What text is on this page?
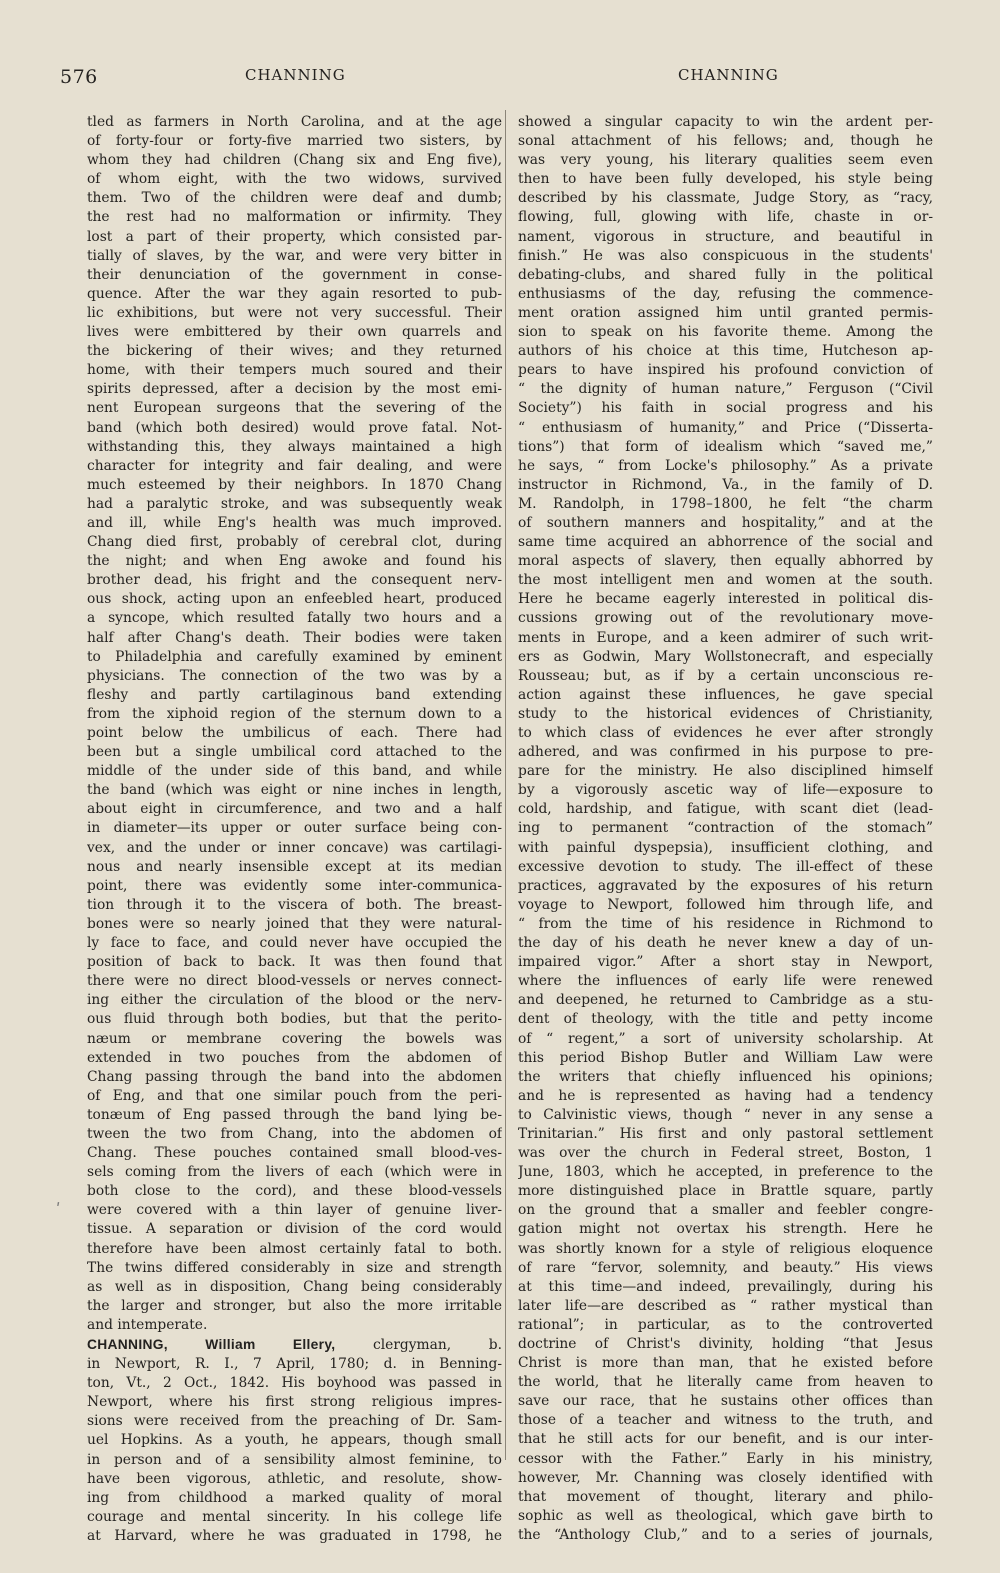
576	CHANNING	CHANNING
tled as farmers in North Carolina, and at the age
of forty-four or forty-five married two sisters, by
whom they had children (Chang six and Eng five),
of whom eight, with the two widows, survived
them. Two of the children were deaf and dumb;
the rest had no malformation or infirmity. They
lost a part of their property, which consisted par-
tially of slaves, by the war, and were very bitter in
their denunciation of the government in conse-
quence. After the war they again resorted to pub-
lic exhibitions, but were not very successful. Their
lives were embittered by their own quarrels and
the bickering of their wives; and they returned
home, with their tempers much soured and their
spirits depressed, after a decision by the most emi-
nent European surgeons that the severing of the
band (which both desired) would prove fatal. Not-
withstanding this, they always maintained a high
character for integrity and fair dealing, and were
much esteemed by their neighbors. In 1870 Chang
had a paralytic stroke, and was subsequently weak
and ill, while Eng's health was much improved.
Chang died first, probably of cerebral clot, during
the night; and when Eng awoke and found his
brother dead, his fright and the consequent nerv-
ous shock, acting upon an enfeebled heart, produced
a syncope, which resulted fatally two hours and a
half after Chang's death. Their bodies were taken
to Philadelphia and carefully examined by eminent
physicians. The connection of the two was by a
fleshy and partly cartilaginous band extending
from the xiphoid region of the sternum down to a
point below the umbilicus of each. There had
been but a single umbilical cord attached to the
middle of the under side of this band, and while
the band (which was eight or nine inches in length,
about eight in circumference, and two and a half
in diameter—its upper or outer surface being con-
vex, and the under or inner concave) was cartilagi-
nous and nearly insensible except at its median
point, there was evidently some inter-communica-
tion through it to the viscera of both. The breast-
bones were so nearly joined that they were natural-
ly face to face, and could never have occupied the
position of back to back. It was then found that
there were no direct blood-vessels or nerves connect-
ing either the circulation of the blood or the nerv-
ous fluid through both bodies, but that the perito-
næum or membrane covering the bowels was
extended in two pouches from the abdomen of
Chang passing through the band into the abdomen
of Eng, and that one similar pouch from the peri-
tonæum of Eng passed through the band lying be-
tween the two from Chang, into the abdomen of
Chang. These pouches contained small blood-ves-
sels coming from the livers of each (which were in
both close to the cord), and these blood-vessels
were covered with a thin layer of genuine liver-
tissue. A separation or division of the cord would
therefore have been almost certainly fatal to both.
The twins differed considerably in size and strength
as well as in disposition, Chang being considerably
the larger and stronger, but also the more irritable
and intemperate.
CHANNING, William Ellery, clergyman, b.
in Newport, R. I., 7 April, 1780; d. in Benning-
ton, Vt., 2 Oct., 1842. His boyhood was passed in
Newport, where his first strong religious impres-
sions were received from the preaching of Dr. Sam-
uel Hopkins. As a youth, he appears, though small
in person and of a sensibility almost feminine, to
have been vigorous, athletic, and resolute, show-
ing from childhood a marked quality of moral
courage and mental sincerity. In his college life
at Harvard, where he was graduated in 1798, he
showed a singular capacity to win the ardent per-
sonal attachment of his fellows; and, though he
was very young, his literary qualities seem even
then to have been fully developed, his style being
described by his classmate, Judge Story, as “racy,
flowing, full, glowing with life, chaste in or-
nament, vigorous in structure, and beautiful in
finish.” He was also conspicuous in the students'
debating-clubs, and shared fully in the political
enthusiasms of the day, refusing the commence-
ment oration assigned him until granted permis-
sion to speak on his favorite theme. Among the
authors of his choice at this time, Hutcheson ap-
pears to have inspired his profound conviction of
“ the dignity of human nature,” Ferguson (“Civil
Society”) his faith in social progress and his
“ enthusiasm of humanity,” and Price (“Disserta-
tions”) that form of idealism which “saved me,”
he says, “ from Locke's philosophy.” As a private
instructor in Richmond, Va., in the family of D.
M. Randolph, in 1798–1800, he felt “the charm
of southern manners and hospitality,” and at the
same time acquired an abhorrence of the social and
moral aspects of slavery, then equally abhorred by
the most intelligent men and women at the south.
Here he became eagerly interested in political dis-
cussions growing out of the revolutionary move-
ments in Europe, and a keen admirer of such writ-
ers as Godwin, Mary Wollstonecraft, and especially
Rousseau; but, as if by a certain unconscious re-
action against these influences, he gave special
study to the historical evidences of Christianity,
to which class of evidences he ever after strongly
adhered, and was confirmed in his purpose to pre-
pare for the ministry. He also disciplined himself
by a vigorously ascetic way of life—exposure to
cold, hardship, and fatigue, with scant diet (lead-
ing to permanent “contraction of the stomach”
with painful dyspepsia), insufficient clothing, and
excessive devotion to study. The ill-effect of these
practices, aggravated by the exposures of his return
voyage to Newport, followed him through life, and
“ from the time of his residence in Richmond to
the day of his death he never knew a day of un-
impaired vigor.” After a short stay in Newport,
where the influences of early life were renewed
and deepened, he returned to Cambridge as a stu-
dent of theology, with the title and petty income
of “ regent,” a sort of university scholarship. At
this period Bishop Butler and William Law were
the writers that chiefly influenced his opinions;
and he is represented as having had a tendency
to Calvinistic views, though “ never in any sense a
Trinitarian.” His first and only pastoral settlement
was over the church in Federal street, Boston, 1
June, 1803, which he accepted, in preference to the
more distinguished place in Brattle square, partly
on the ground that a smaller and feebler congre-
gation might not overtax his strength. Here he
was shortly known for a style of religious eloquence
of rare “fervor, solemnity, and beauty.” His views
at this time—and indeed, prevailingly, during his
later life—are described as “ rather mystical than
rational”; in particular, as to the controverted
doctrine of Christ's divinity, holding “that Jesus
Christ is more than man, that he existed before
the world, that he literally came from heaven to
save our race, that he sustains other offices than
those of a teacher and witness to the truth, and
that he still acts for our benefit, and is our inter-
cessor with the Father.” Early in his ministry,
however, Mr. Channing was closely identified with
that movement of thought, literary and philo-
sophic as well as theological, which gave birth to
the “Anthology Club,” and to a series of journals,
ʹ
